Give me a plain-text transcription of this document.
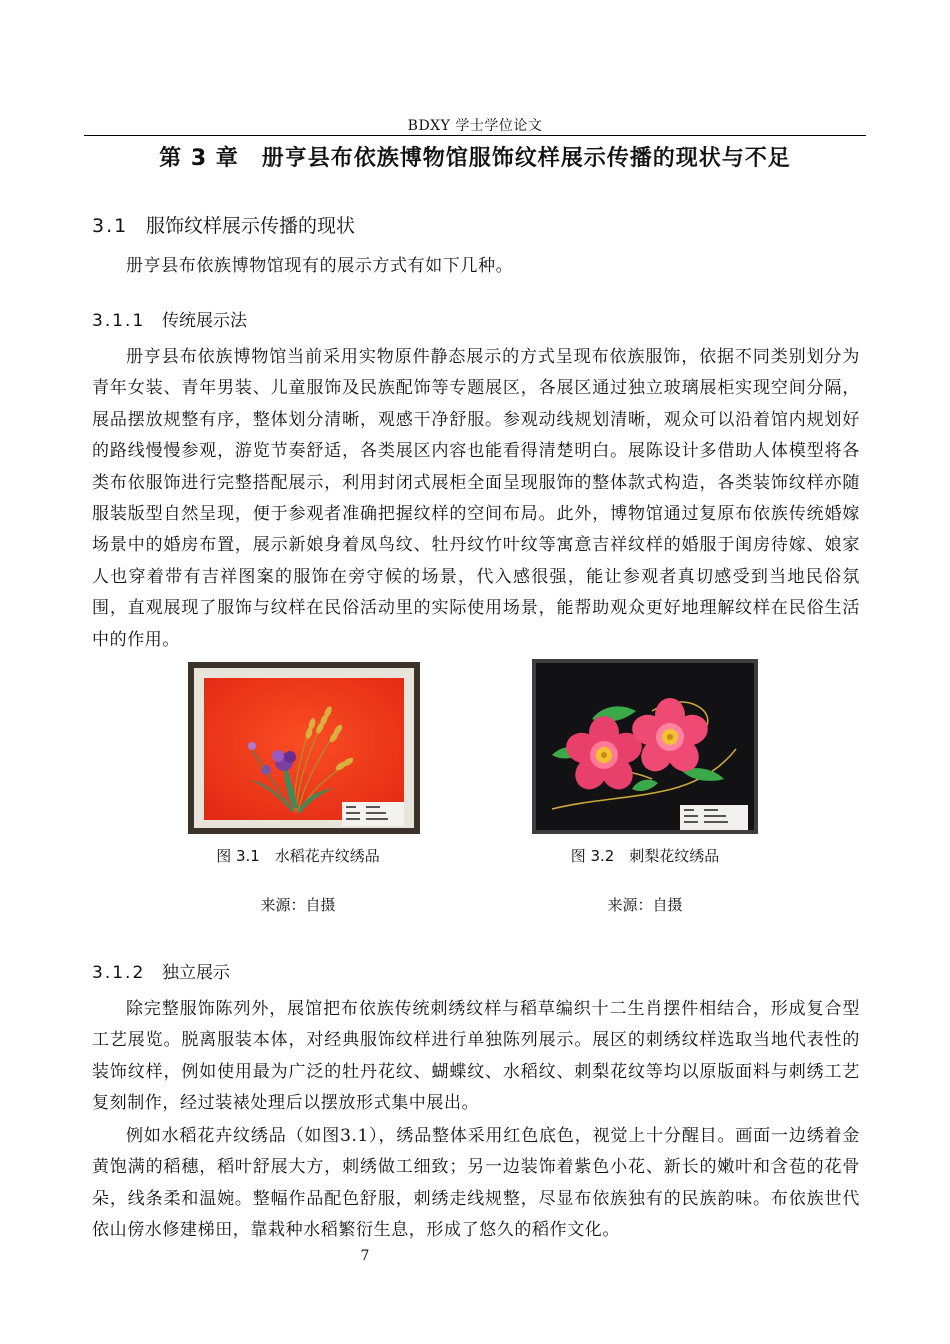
BDXY 学士学位论文
第 3 章　册亨县布依族博物馆服饰纹样展示传播的现状与不足
3.1 服饰纹样展示传播的现状

册亨县布依族博物馆现有的展示方式有如下几种。

3.1.1 传统展示法

册亨县布依族博物馆当前采用实物原件静态展示的方式呈现布依族服饰，依据不同类别划分为青年女装、青年男装、儿童服饰及民族配饰等专题展区，各展区通过独立玻璃展柜实现空间分隔，展品摆放规整有序，整体划分清晰，观感干净舒服。参观动线规划清晰，观众可以沿着馆内规划好的路线慢慢参观，游览节奏舒适，各类展区内容也能看得清楚明白。展陈设计多借助人体模型将各类布依服饰进行完整搭配展示，利用封闭式展柜全面呈现服饰的整体款式构造，各类装饰纹样亦随服装版型自然呈现，便于参观者准确把握纹样的空间布局。此外，博物馆通过复原布依族传统婚嫁场景中的婚房布置，展示新娘身着凤鸟纹、牡丹纹竹叶纹等寓意吉祥纹样的婚服于闺房待嫁、娘家人也穿着带有吉祥图案的服饰在旁守候的场景，代入感很强，能让参观者真切感受到当地民俗氛围，直观展现了服饰与纹样在民俗活动里的实际使用场景，能帮助观众更好地理解纹样在民俗生活中的作用。

图 3.1　水稻花卉纹绣品
来源：自摄
图 3.2　刺梨花纹绣品
来源：自摄
3.1.2 独立展示

除完整服饰陈列外，展馆把布依族传统刺绣纹样与稻草编织十二生肖摆件相结合，形成复合型工艺展览。脱离服装本体，对经典服饰纹样进行单独陈列展示。展区的刺绣纹样选取当地代表性的装饰纹样，例如使用最为广泛的牡丹花纹、蝴蝶纹、水稻纹、刺梨花纹等均以原版面料与刺绣工艺复刻制作，经过装裱处理后以摆放形式集中展出。

例如水稻花卉纹绣品（如图3.1），绣品整体采用红色底色，视觉上十分醒目。画面一边绣着金黄饱满的稻穗，稻叶舒展大方，刺绣做工细致；另一边装饰着紫色小花、新长的嫩叶和含苞的花骨朵，线条柔和温婉。整幅作品配色舒服，刺绣走线规整，尽显布依族独有的民族韵味。布依族世代依山傍水修建梯田，靠栽种水稻繁衍生息，形成了悠久的稻作文化。

7
